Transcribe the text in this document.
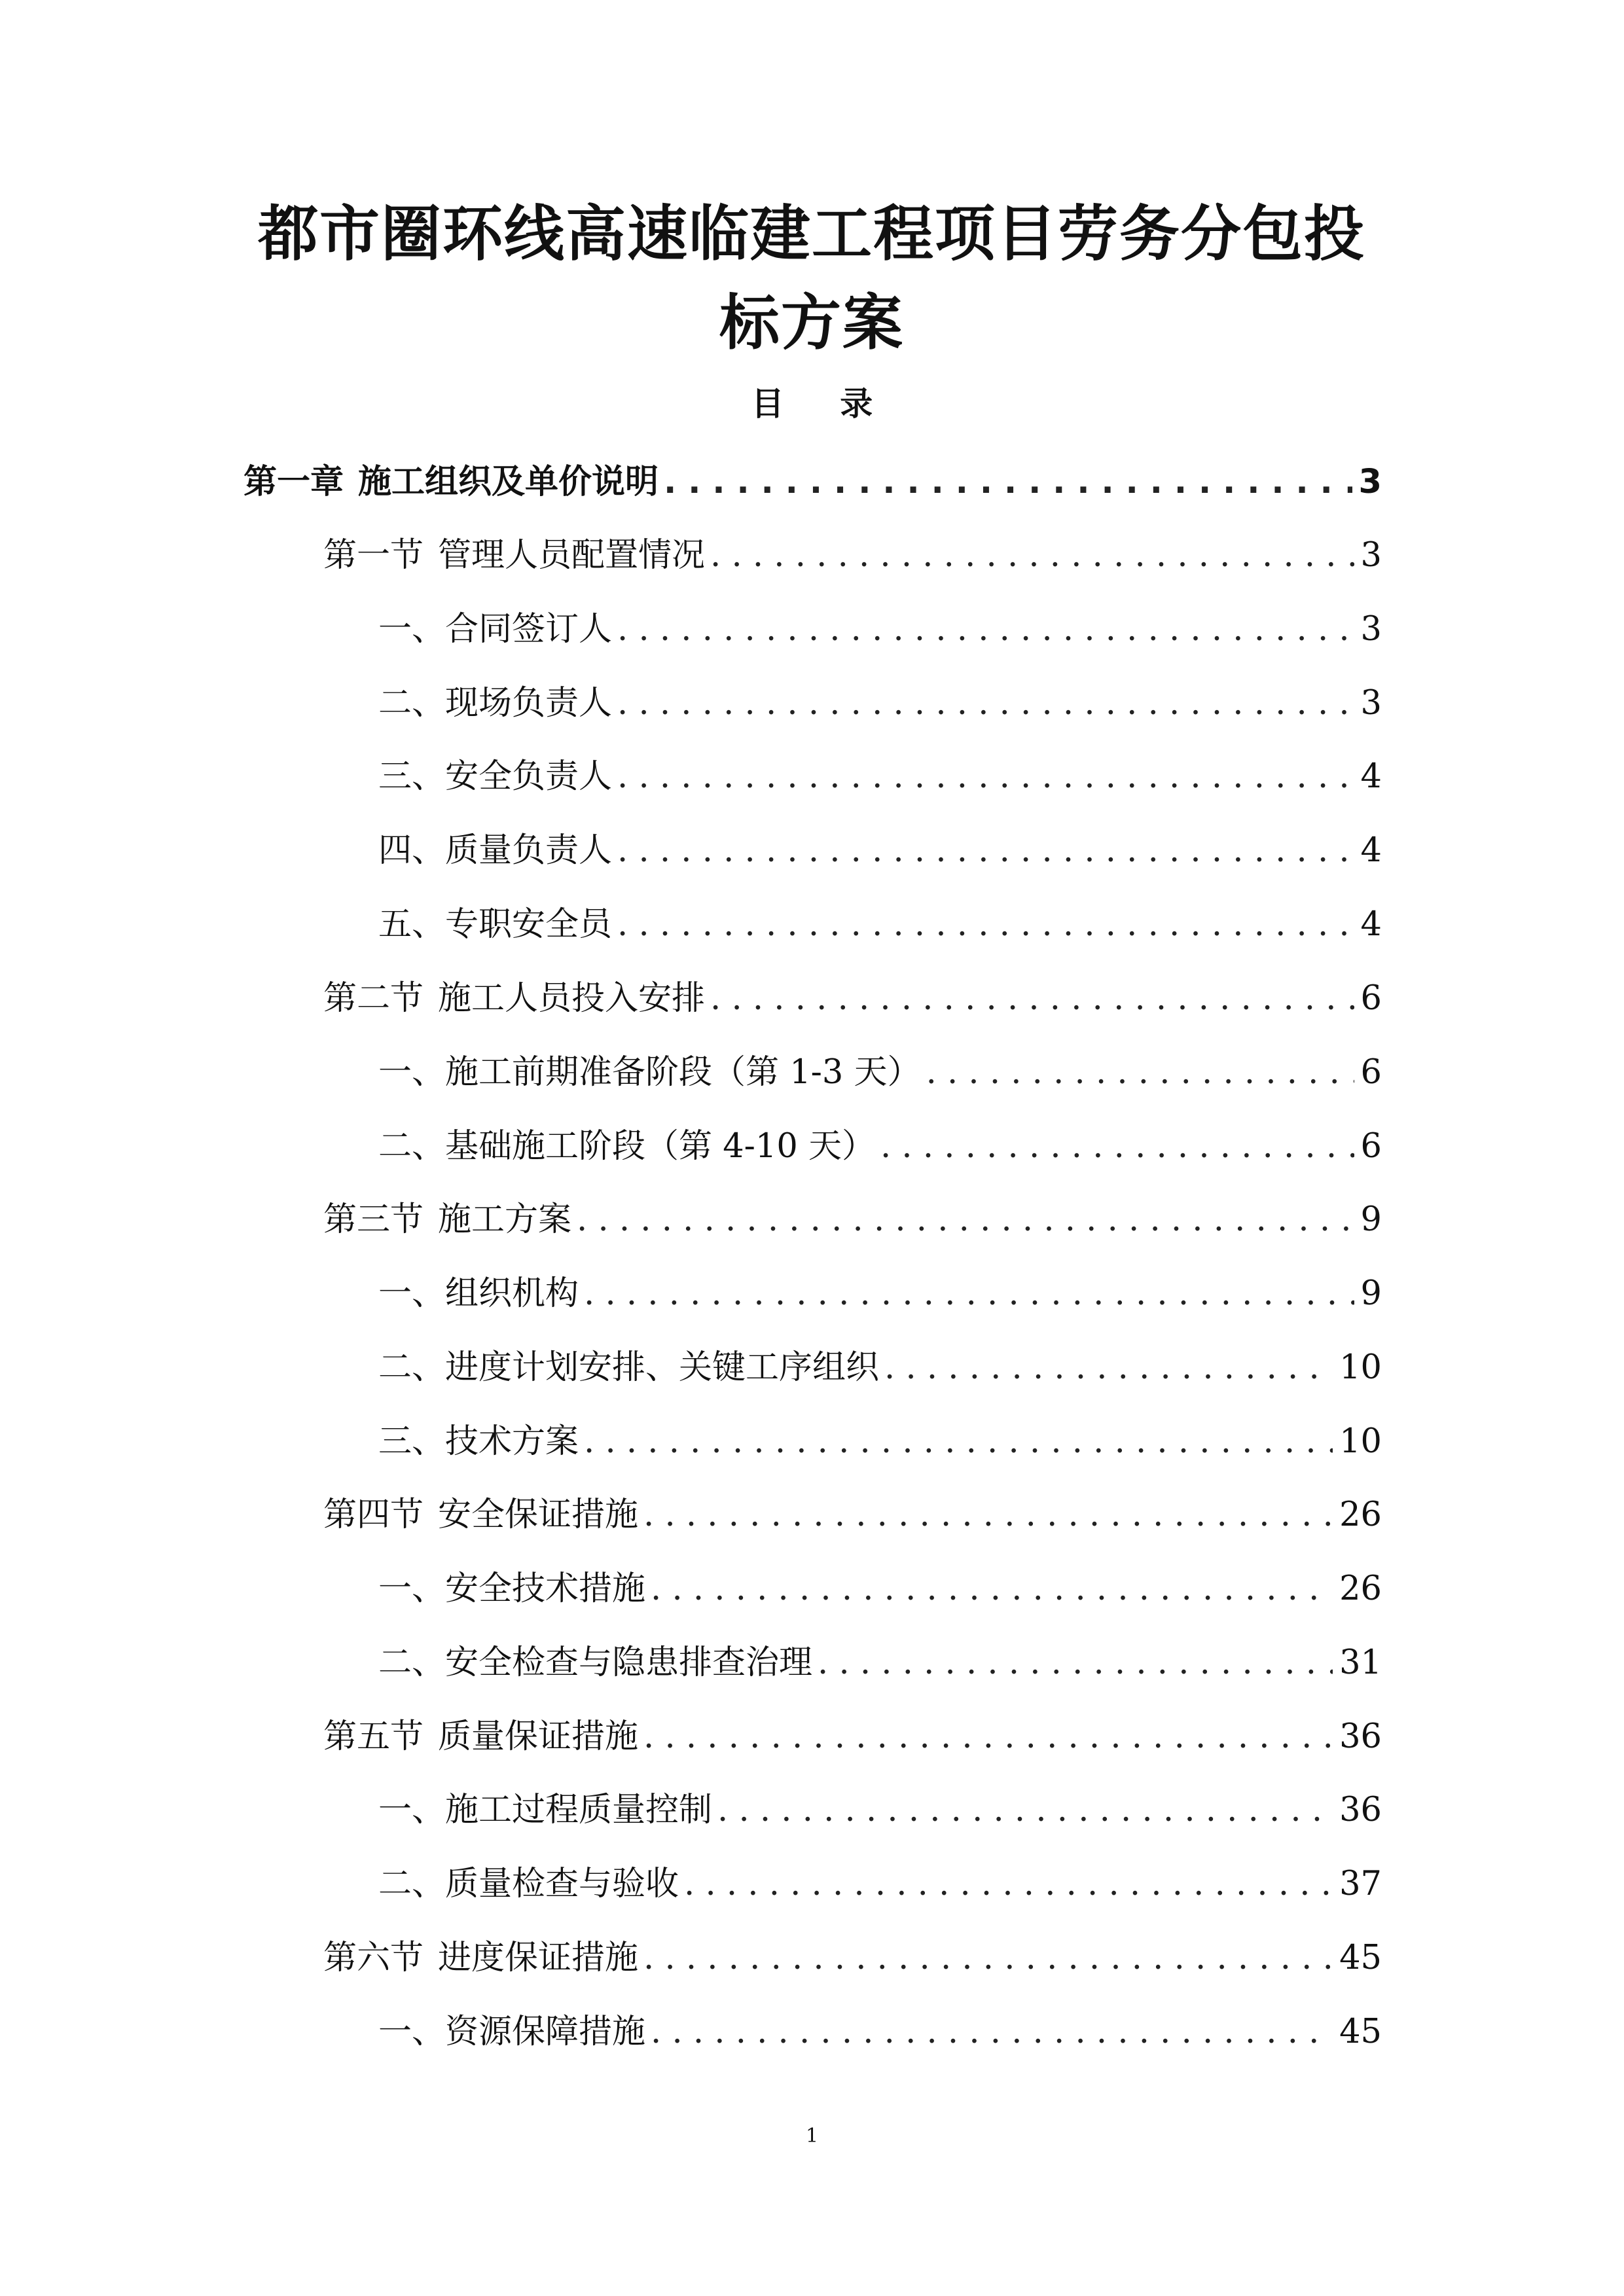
都市圈环线高速临建工程项目劳务分包投
标方案
目 录
第一章 施工组织及单价说明 . . .	3
第一节 管理人员配置情况 . . .	3
一、合同签订人 . . .	3
二、现场负责人 . . .	3
三、安全负责人 . . .	4
四、质量负责人 . . .	4
五、专职安全员 . . .	4
第二节 施工人员投入安排 . . .	6
一、施工前期准备阶段（第 1-3 天） . . .	6
二、基础施工阶段（第 4-10 天） . . .	6
第三节 施工方案 . . .	9
一、组织机构 . . .	9
二、进度计划安排、关键工序组织 . . .	10
三、技术方案 . . .	10
第四节 安全保证措施 . . .	26
一、安全技术措施 . . .	26
二、安全检查与隐患排查治理 . . .	31
第五节 质量保证措施 . . .	36
一、施工过程质量控制 . . .	36
二、质量检查与验收 . . .	37
第六节 进度保证措施 . . .	45
一、资源保障措施 . . .	45
1
